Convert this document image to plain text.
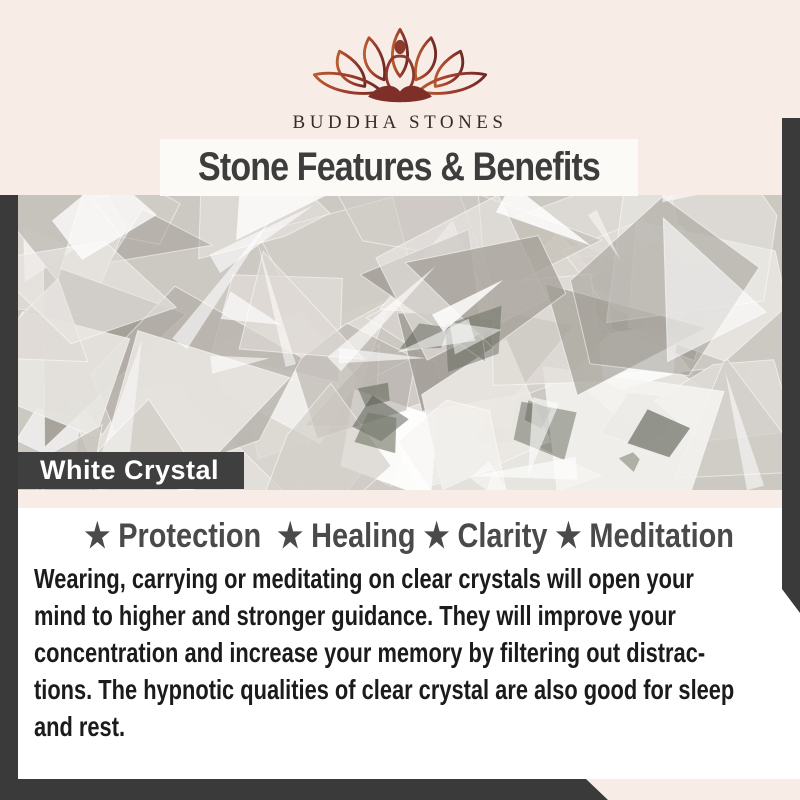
BUDDHA STONES
Stone Features & Benefits
White Crystal
★ Protection  ★ Healing ★ Clarity ★ Meditation
Wearing, carrying or meditating on clear crystals will open your
mind to higher and stronger guidance. They will improve your
concentration and increase your memory by filtering out distrac-
tions. The hypnotic qualities of clear crystal are also good for sleep
and rest.
